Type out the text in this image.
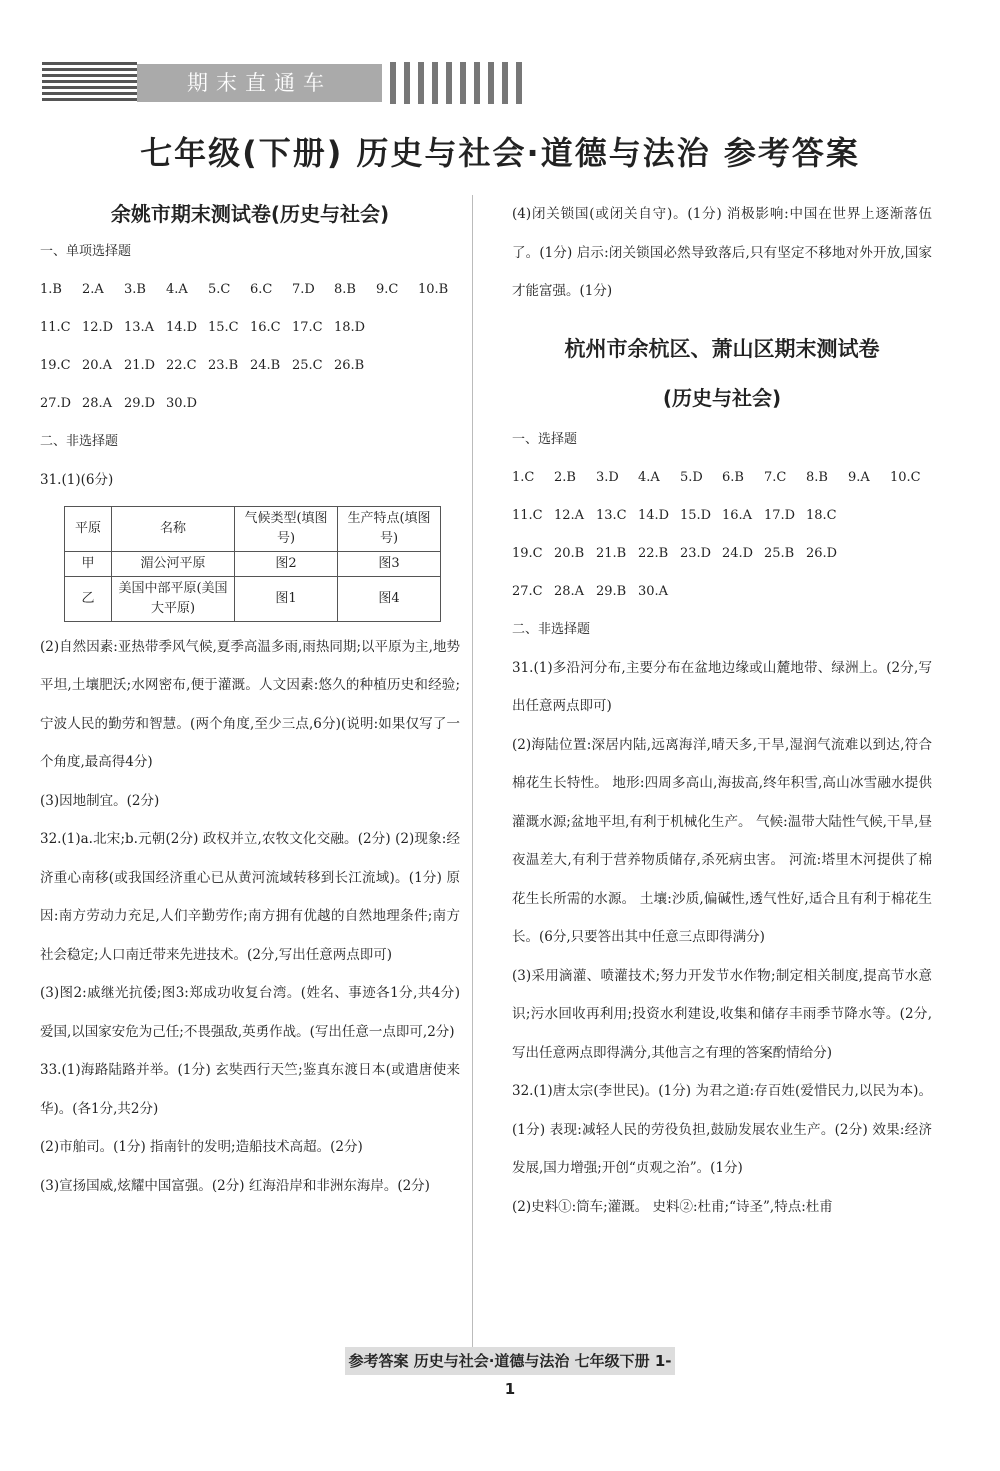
期末直通车
七年级(下册) 历史与社会·道德与法治 参考答案

余姚市期末测试卷(历史与社会)

一、单项选择题

1.B	2.A	3.B	4.A	5.C	6.C	7.D	8.B	9.C	10.B
11.C 12.D 13.A 14.D 15.C 16.C 17.C 18.D
19.C 20.A 21.D 22.C 23.B 24.B 25.C 26.B
27.D 28.A 29.D 30.D

二、非选择题

31.(1)(6分)

平原	名称	气候类型(填图号)	生产特点(填图号)
甲	湄公河平原	图2	图3
乙	美国中部平原(美国大平原)	图1	图4

(2)自然因素:亚热带季风气候,夏季高温多雨,雨热同期;以平原为主,地势平坦,土壤肥沃;水网密布,便于灌溉。人文因素:悠久的种植历史和经验;宁波人民的勤劳和智慧。(两个角度,至少三点,6分)(说明:如果仅写了一个角度,最高得4分)

(3)因地制宜。(2分)

32.(1)a.北宋;b.元朝(2分) 政权并立,农牧文化交融。(2分) (2)现象:经济重心南移(或我国经济重心已从黄河流域转移到长江流域)。(1分) 原因:南方劳动力充足,人们辛勤劳作;南方拥有优越的自然地理条件;南方社会稳定;人口南迁带来先进技术。(2分,写出任意两点即可)

(3)图2:戚继光抗倭;图3:郑成功收复台湾。(姓名、事迹各1分,共4分) 爱国,以国家安危为己任;不畏强敌,英勇作战。(写出任意一点即可,2分)

33.(1)海路陆路并举。(1分) 玄奘西行天竺;鉴真东渡日本(或遣唐使来华)。(各1分,共2分)

(2)市舶司。(1分) 指南针的发明;造船技术高超。(2分)

(3)宣扬国威,炫耀中国富强。(2分) 红海沿岸和非洲东海岸。(2分)

(4)闭关锁国(或闭关自守)。(1分) 消极影响:中国在世界上逐渐落伍了。(1分) 启示:闭关锁国必然导致落后,只有坚定不移地对外开放,国家才能富强。(1分)

杭州市余杭区、萧山区期末测试卷

(历史与社会)

一、选择题

1.C	2.B	3.D	4.A	5.D	6.B	7.C	8.B	9.A	10.C
11.C 12.A 13.C 14.D 15.D 16.A 17.D 18.C
19.C 20.B 21.B 22.B 23.D 24.D 25.B 26.D
27.C 28.A 29.B 30.A

二、非选择题

31.(1)多沿河分布,主要分布在盆地边缘或山麓地带、绿洲上。(2分,写出任意两点即可)

(2)海陆位置:深居内陆,远离海洋,晴天多,干旱,湿润气流难以到达,符合棉花生长特性。 地形:四周多高山,海拔高,终年积雪,高山冰雪融水提供灌溉水源;盆地平坦,有利于机械化生产。 气候:温带大陆性气候,干旱,昼夜温差大,有利于营养物质储存,杀死病虫害。 河流:塔里木河提供了棉花生长所需的水源。 土壤:沙质,偏碱性,透气性好,适合且有利于棉花生长。(6分,只要答出其中任意三点即得满分)

(3)采用滴灌、喷灌技术;努力开发节水作物;制定相关制度,提高节水意识;污水回收再利用;投资水利建设,收集和储存丰雨季节降水等。(2分,写出任意两点即得满分,其他言之有理的答案酌情给分)

32.(1)唐太宗(李世民)。(1分) 为君之道:存百姓(爱惜民力,以民为本)。(1分) 表现:减轻人民的劳役负担,鼓励发展农业生产。(2分) 效果:经济发展,国力增强;开创“贞观之治”。(1分)

(2)史料①:筒车;灌溉。 史料②:杜甫;“诗圣”,特点:杜甫

参考答案 历史与社会·道德与法治 七年级下册 1-1
